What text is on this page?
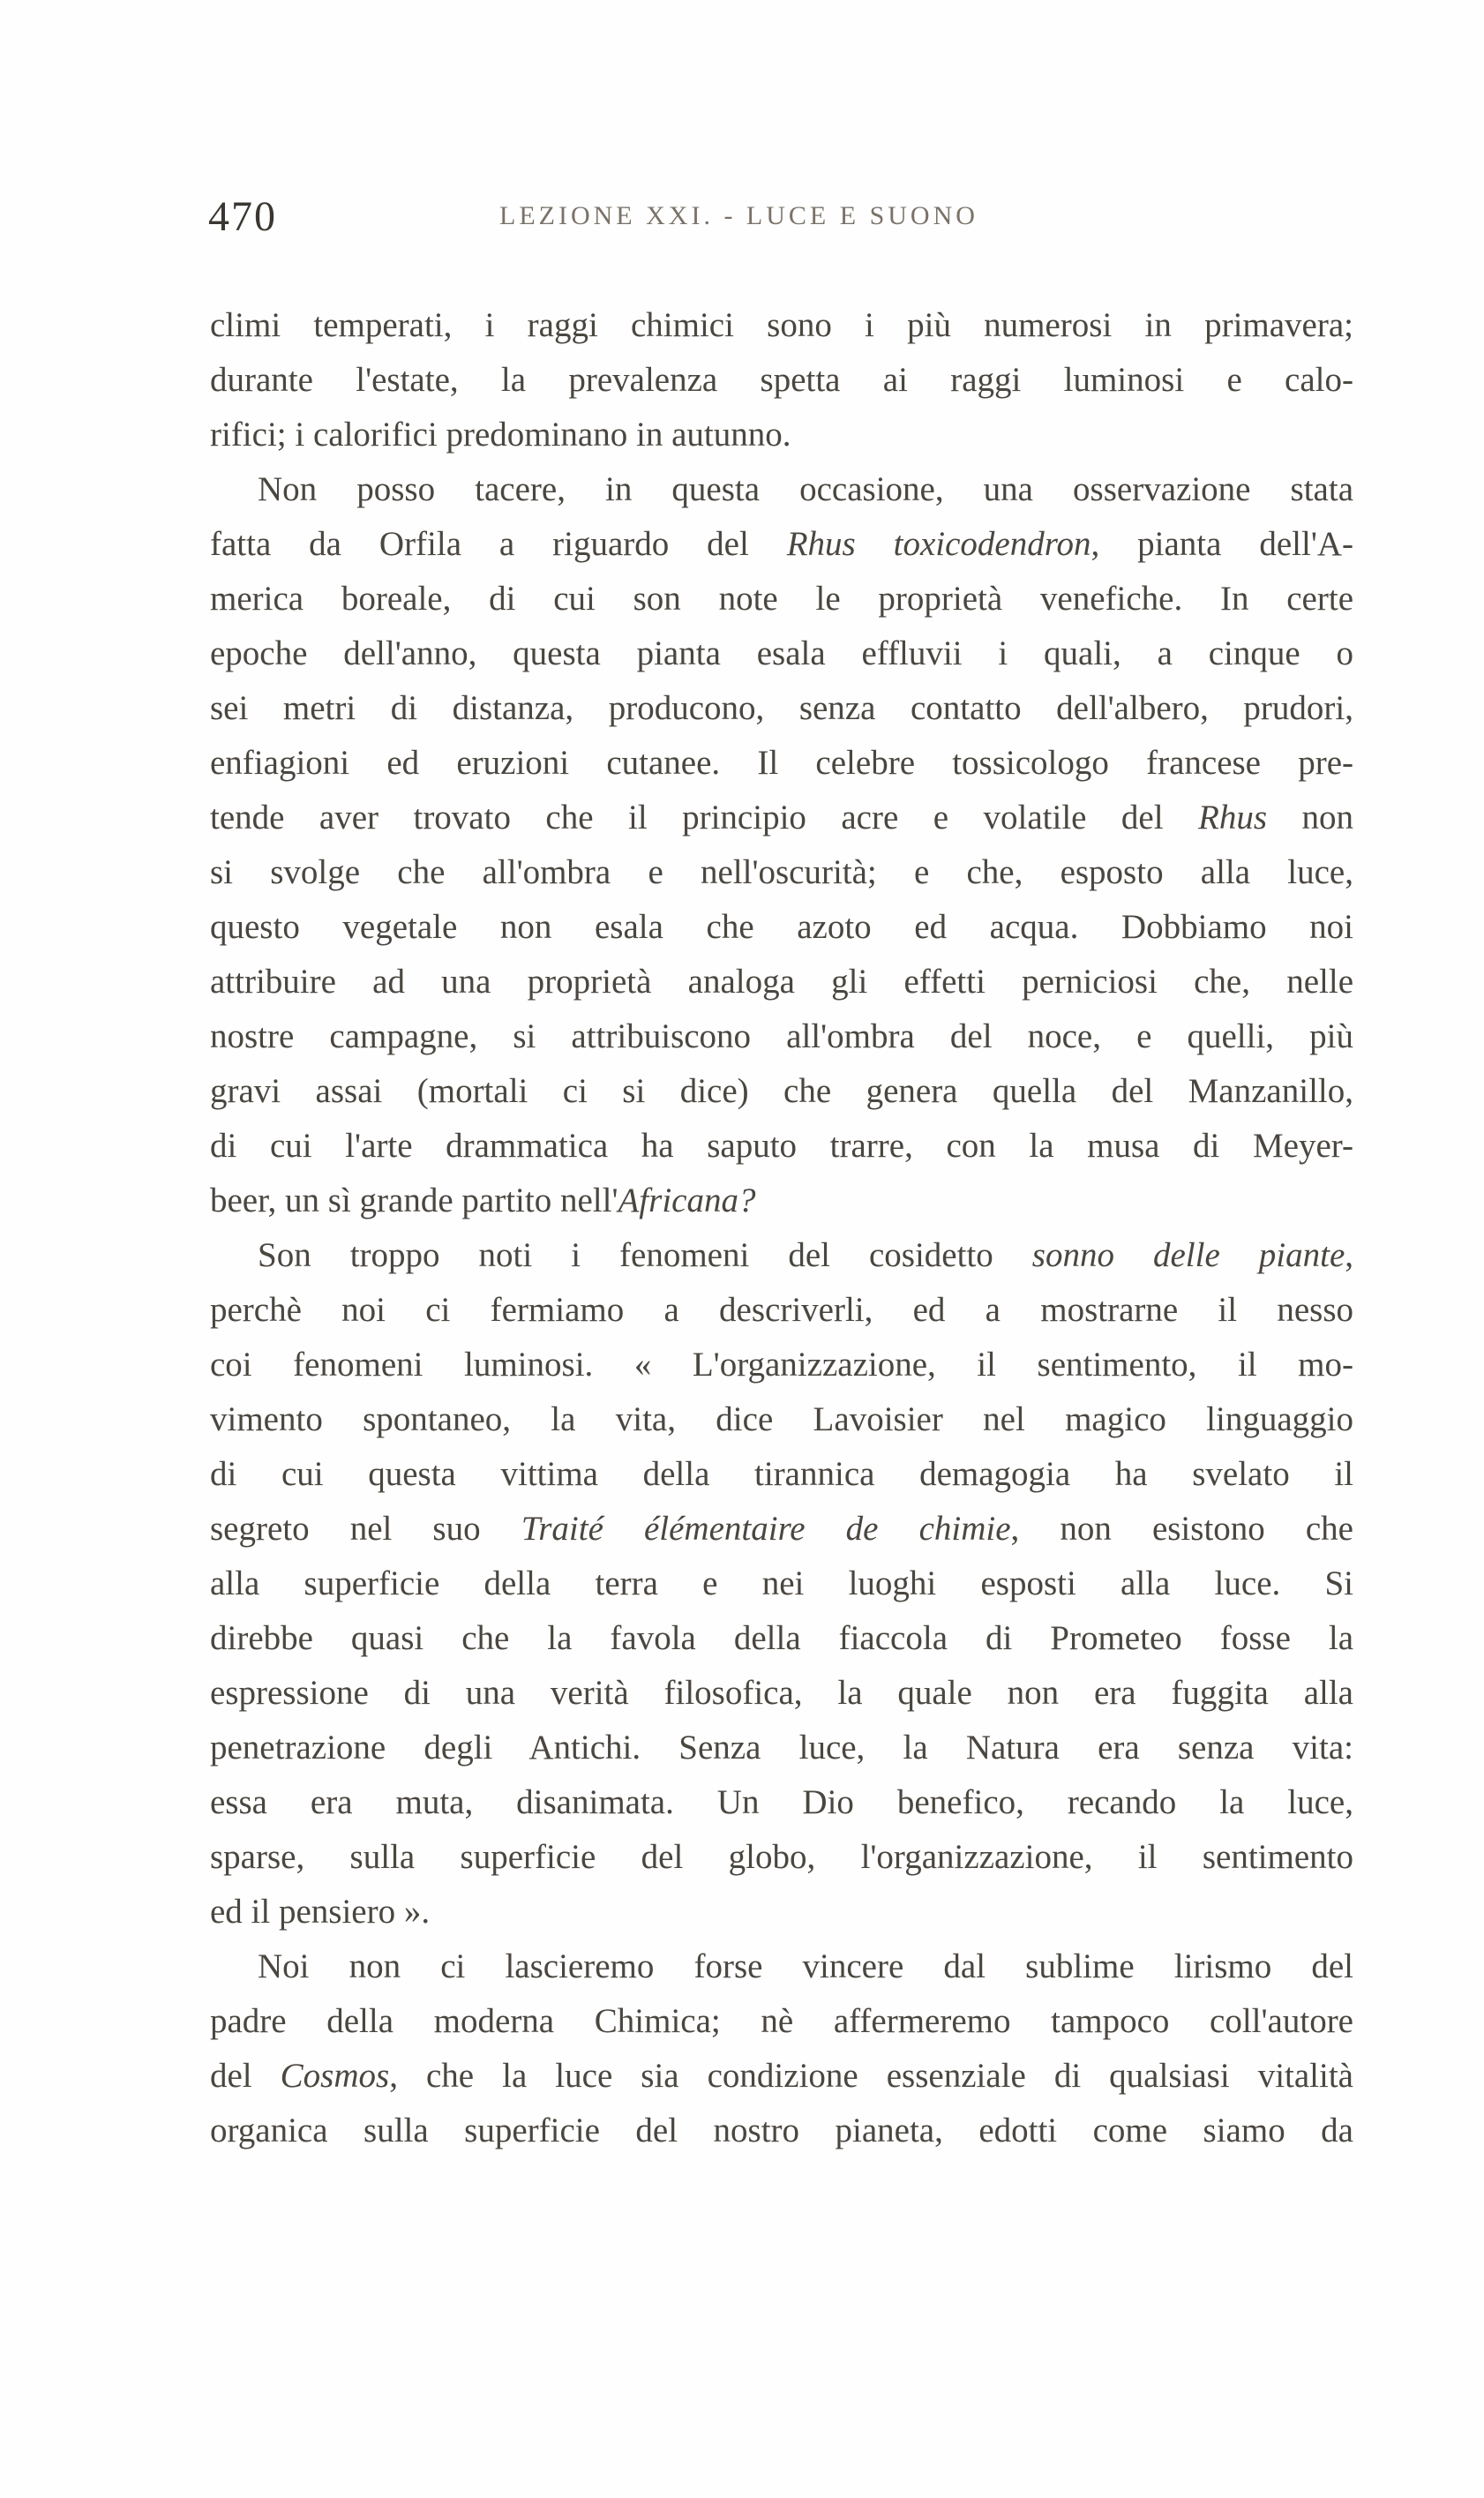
470	LEZIONE XXI. - LUCE E SUONO
climi temperati, i raggi chimici sono i più numerosi in primavera;
durante l'estate, la prevalenza spetta ai raggi luminosi e calo-
rifici; i calorifici predominano in autunno.
Non posso tacere, in questa occasione, una osservazione stata
fatta da Orfila a riguardo del Rhus toxicodendron, pianta dell'A-
merica boreale, di cui son note le proprietà venefiche. In certe
epoche dell'anno, questa pianta esala effluvii i quali, a cinque o
sei metri di distanza, producono, senza contatto dell'albero, prudori,
enfiagioni ed eruzioni cutanee. Il celebre tossicologo francese pre-
tende aver trovato che il principio acre e volatile del Rhus non
si svolge che all'ombra e nell'oscurità; e che, esposto alla luce,
questo vegetale non esala che azoto ed acqua. Dobbiamo noi
attribuire ad una proprietà analoga gli effetti perniciosi che, nelle
nostre campagne, si attribuiscono all'ombra del noce, e quelli, più
gravi assai (mortali ci si dice) che genera quella del Manzanillo,
di cui l'arte drammatica ha saputo trarre, con la musa di Meyer-
beer, un sì grande partito nell'Africana?
Son troppo noti i fenomeni del cosidetto sonno delle piante,
perchè noi ci fermiamo a descriverli, ed a mostrarne il nesso
coi fenomeni luminosi. « L'organizzazione, il sentimento, il mo-
vimento spontaneo, la vita, dice Lavoisier nel magico linguaggio
di cui questa vittima della tirannica demagogia ha svelato il
segreto nel suo Traité élémentaire de chimie, non esistono che
alla superficie della terra e nei luoghi esposti alla luce. Si
direbbe quasi che la favola della fiaccola di Prometeo fosse la
espressione di una verità filosofica, la quale non era fuggita alla
penetrazione degli Antichi. Senza luce, la Natura era senza vita:
essa era muta, disanimata. Un Dio benefico, recando la luce,
sparse, sulla superficie del globo, l'organizzazione, il sentimento
ed il pensiero ».
Noi non ci lascieremo forse vincere dal sublime lirismo del
padre della moderna Chimica; nè affermeremo tampoco coll'autore
del Cosmos, che la luce sia condizione essenziale di qualsiasi vitalità
organica sulla superficie del nostro pianeta, edotti come siamo da
